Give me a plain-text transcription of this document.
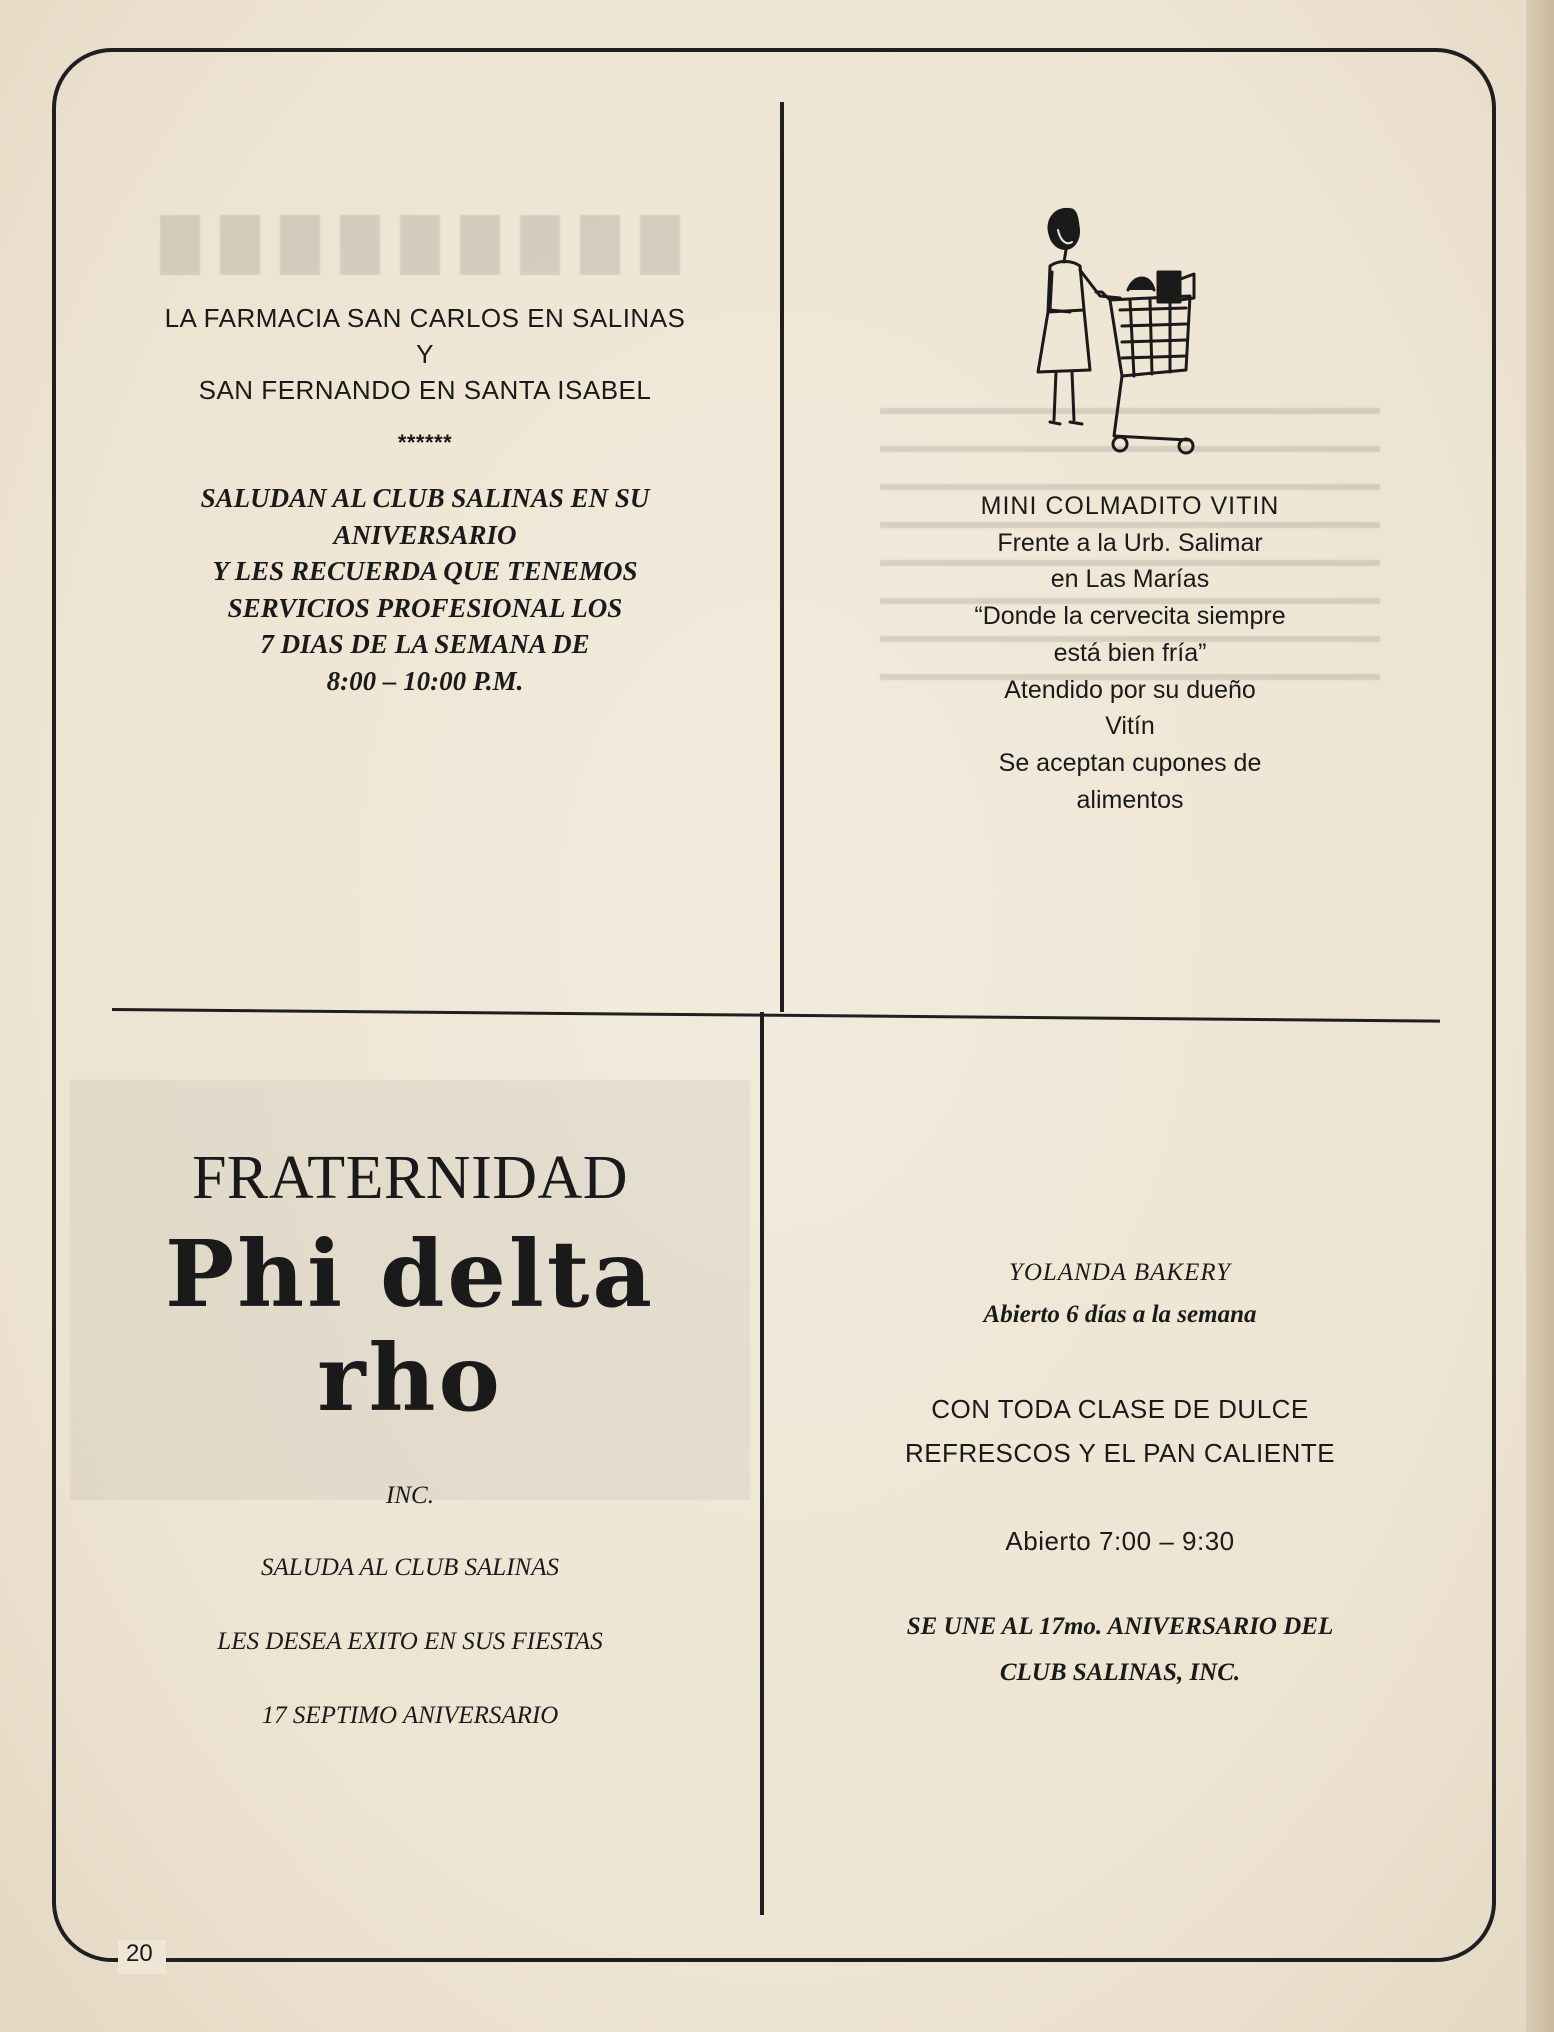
20
LA FARMACIA SAN CARLOS EN SALINAS
Y
SAN FERNANDO EN SANTA ISABEL
******
SALUDAN AL CLUB SALINAS EN SU
ANIVERSARIO
Y LES RECUERDA QUE TENEMOS
SERVICIOS PROFESIONAL LOS
7 DIAS DE LA SEMANA DE
8:00 – 10:00 P.M.
MINI COLMADITO VITIN
Frente a la Urb. Salimar
en Las Marías
“Donde la cervecita siempre
está bien fría”
Atendido por su dueño
Vitín
Se aceptan cupones de
alimentos
FRATERNIDAD
Phi delta
rho
INC.
SALUDA AL CLUB SALINAS
LES DESEA EXITO EN SUS FIESTAS
17 SEPTIMO ANIVERSARIO
YOLANDA BAKERY
Abierto 6 días a la semana
CON TODA CLASE DE DULCE
REFRESCOS Y EL PAN CALIENTE
Abierto 7:00 – 9:30
SE UNE AL 17mo. ANIVERSARIO DEL
CLUB SALINAS, INC.
